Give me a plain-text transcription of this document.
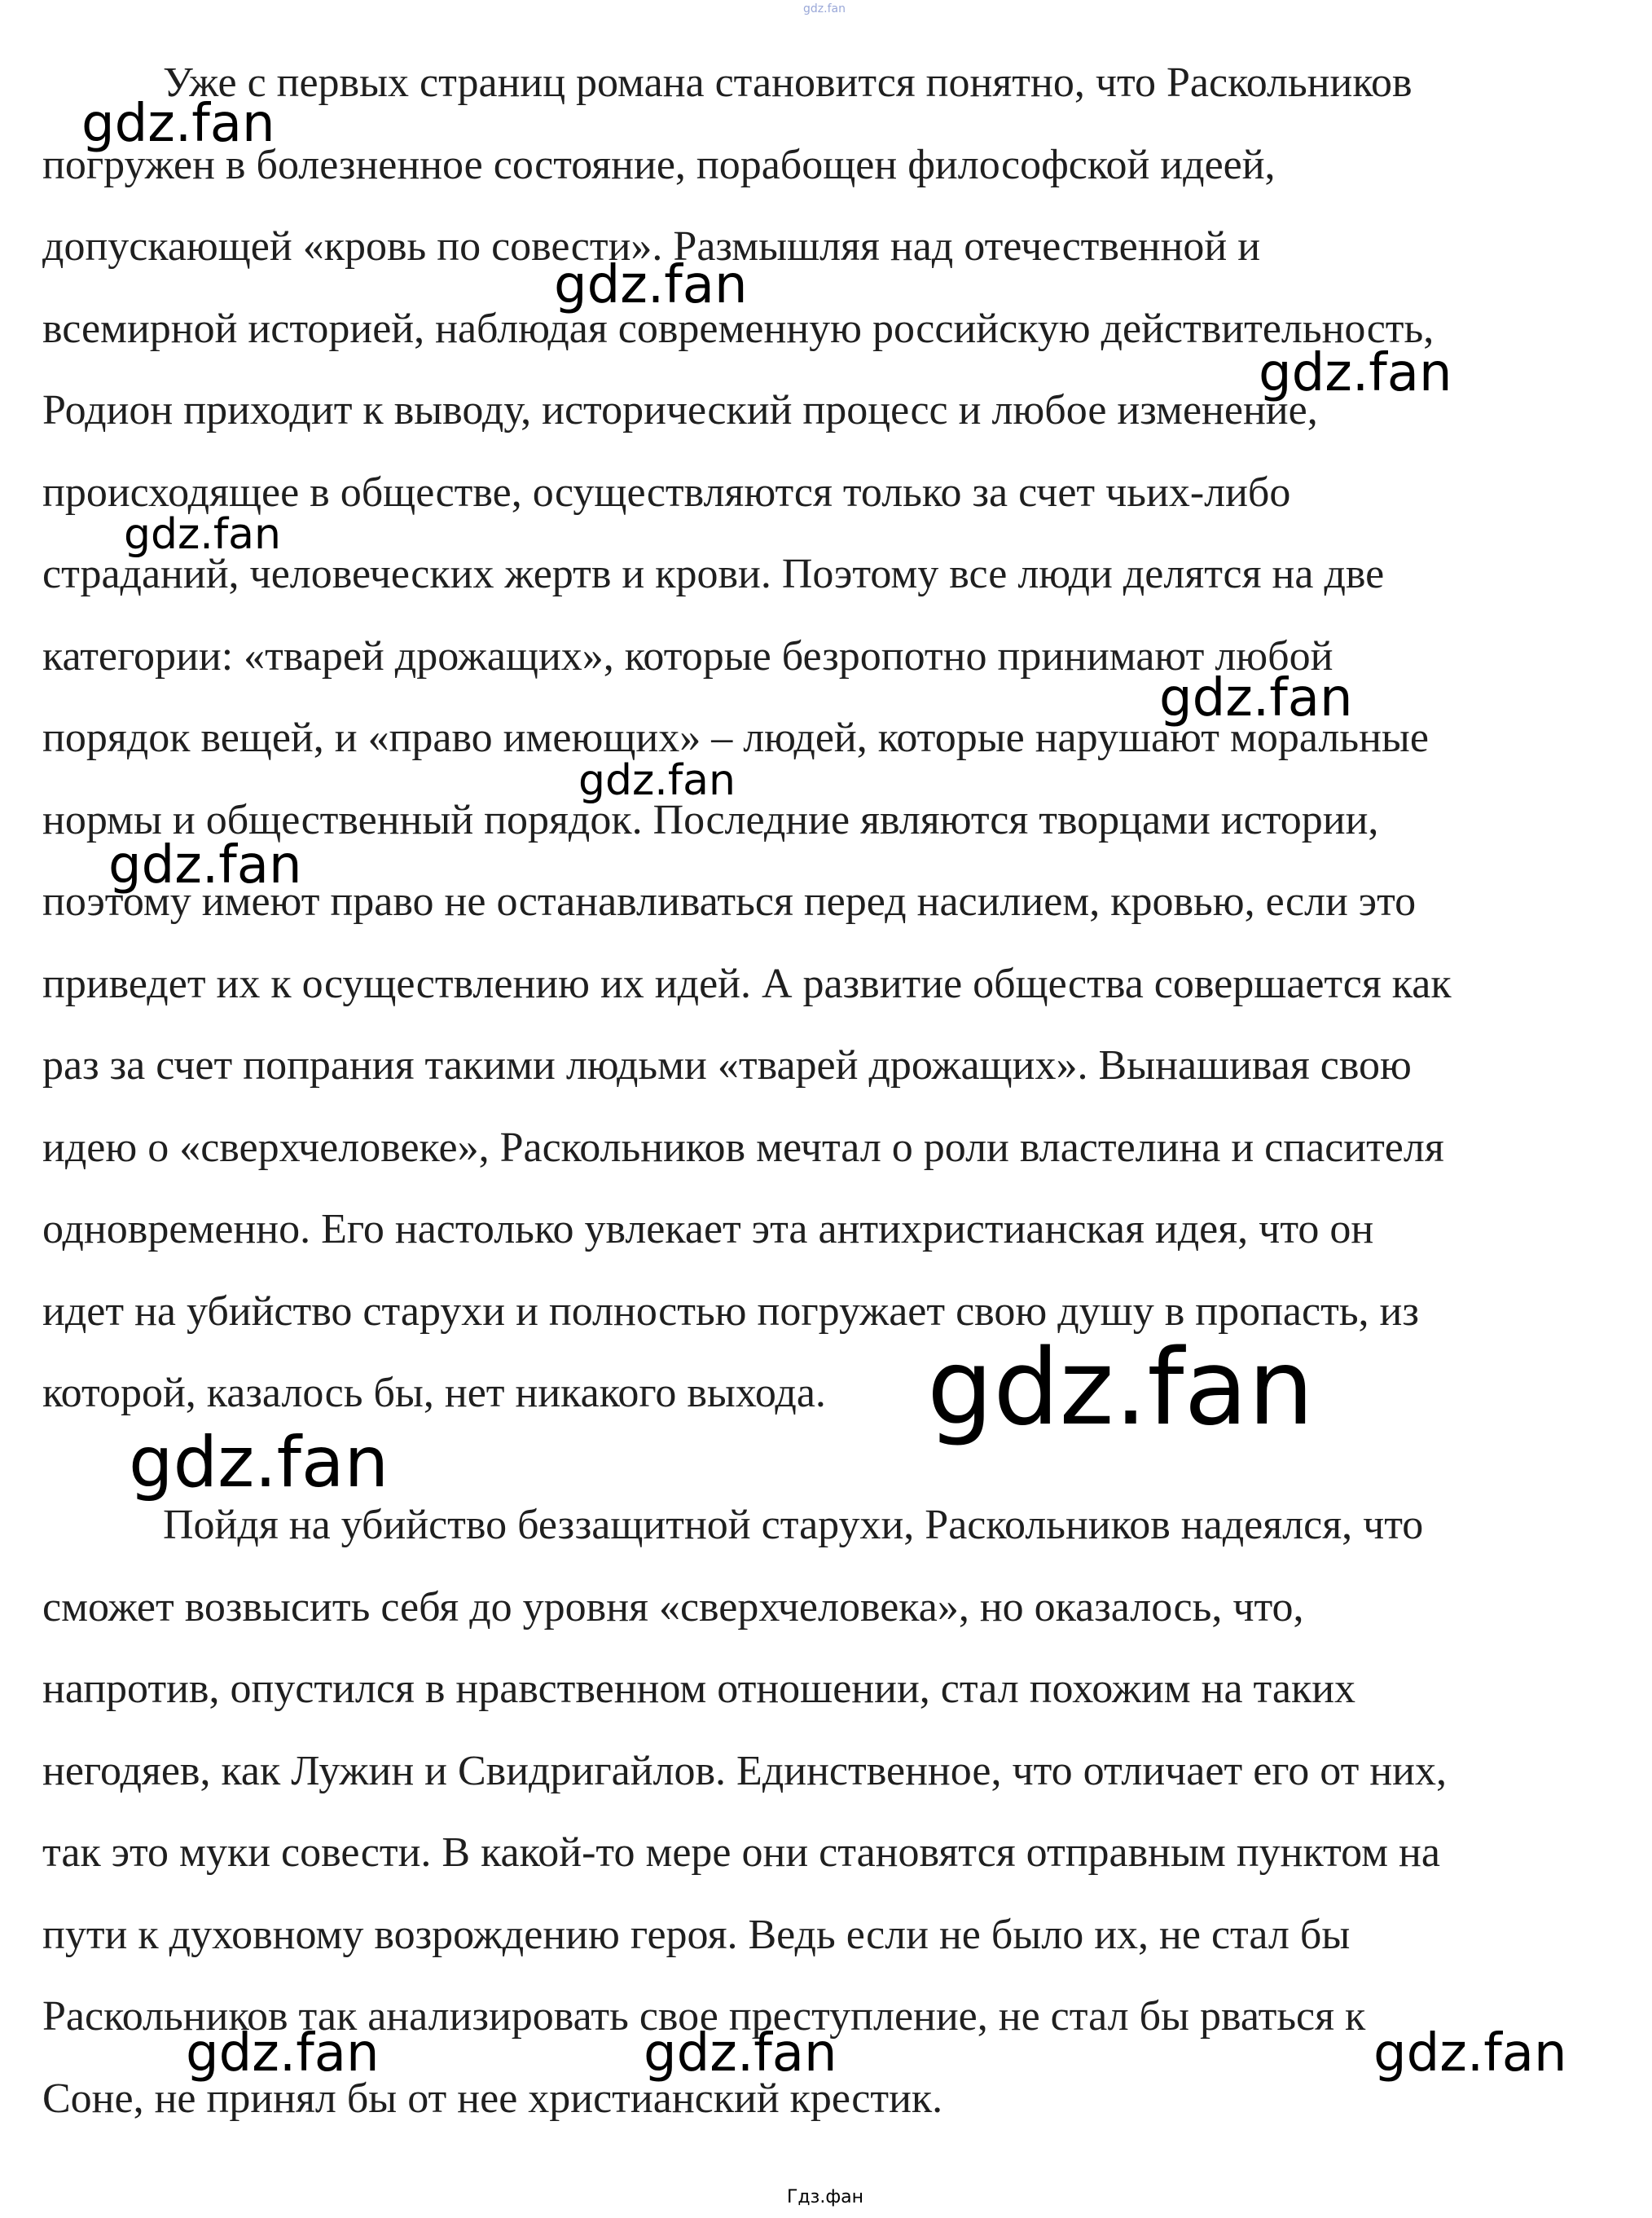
gdz.fan
Уже с первых страниц романа становится понятно, что Раскольников
погружен в болезненное состояние, порабощен философской идеей,
допускающей «кровь по совести». Размышляя над отечественной и
всемирной историей, наблюдая современную российскую действительность,
Родион приходит к выводу, исторический процесс и любое изменение,
происходящее в обществе, осуществляются только за счет чьих-либо
страданий, человеческих жертв и крови. Поэтому все люди делятся на две
категории: «тварей дрожащих», которые безропотно принимают любой
порядок вещей, и «право имеющих» – людей, которые нарушают моральные
нормы и общественный порядок. Последние являются творцами истории,
поэтому имеют право не останавливаться перед насилием, кровью, если это
приведет их к осуществлению их идей. А развитие общества совершается как
раз за счет попрания такими людьми «тварей дрожащих». Вынашивая свою
идею о «сверхчеловеке», Раскольников мечтал о роли властелина и спасителя
одновременно. Его настолько увлекает эта антихристианская идея, что он
идет на убийство старухи и полностью погружает свою душу в пропасть, из
которой, казалось бы, нет никакого выхода.
Пойдя на убийство беззащитной старухи, Раскольников надеялся, что
сможет возвысить себя до уровня «сверхчеловека», но оказалось, что,
напротив, опустился в нравственном отношении, стал похожим на таких
негодяев, как Лужин и Свидригайлов. Единственное, что отличает его от них,
так это муки совести. В какой-то мере они становятся отправным пунктом на
пути к духовному возрождению героя. Ведь если не было их, не стал бы
Раскольников так анализировать свое преступление, не стал бы рваться к
Соне, не принял бы от нее христианский крестик.
gdz.fan
gdz.fan
gdz.fan
gdz.fan
gdz.fan
gdz.fan
gdz.fan
gdz.fan
gdz.fan
gdz.fan	gdz.fan	gdz.fan
Гдз.фан
